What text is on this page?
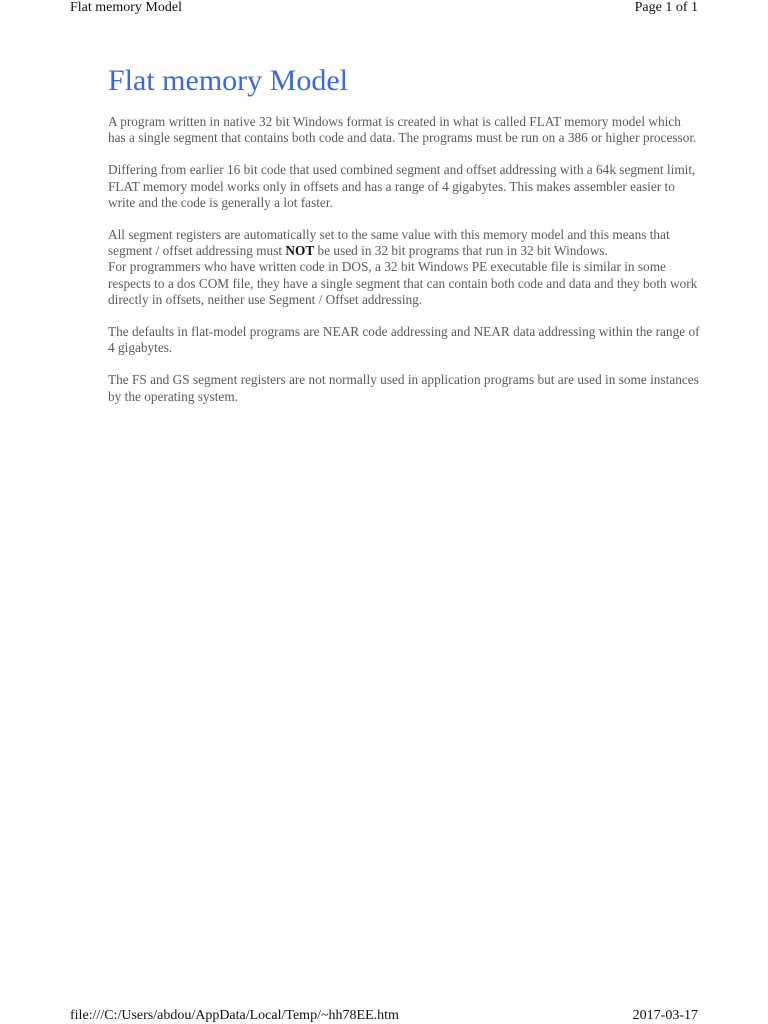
Flat memory Model	Page 1 of 1
Flat memory Model

A program written in native 32 bit Windows format is created in what is called FLAT memory model which has a single segment that contains both code and data. The programs must be run on a 386 or higher processor.

Differing from earlier 16 bit code that used combined segment and offset addressing with a 64k segment limit, FLAT memory model works only in offsets and has a range of 4 gigabytes. This makes assembler easier to write and the code is generally a lot faster.

All segment registers are automatically set to the same value with this memory model and this means that segment / offset addressing must NOT be used in 32 bit programs that run in 32 bit Windows.

For programmers who have written code in DOS, a 32 bit Windows PE executable file is similar in some respects to a dos COM file, they have a single segment that can contain both code and data and they both work directly in offsets, neither use Segment / Offset addressing.

The defaults in flat-model programs are NEAR code addressing and NEAR data addressing within the range of 4 gigabytes.

The FS and GS segment registers are not normally used in application programs but are used in some instances by the operating system.

file:///C:/Users/abdou/AppData/Local/Temp/~hh78EE.htm	2017-03-17
